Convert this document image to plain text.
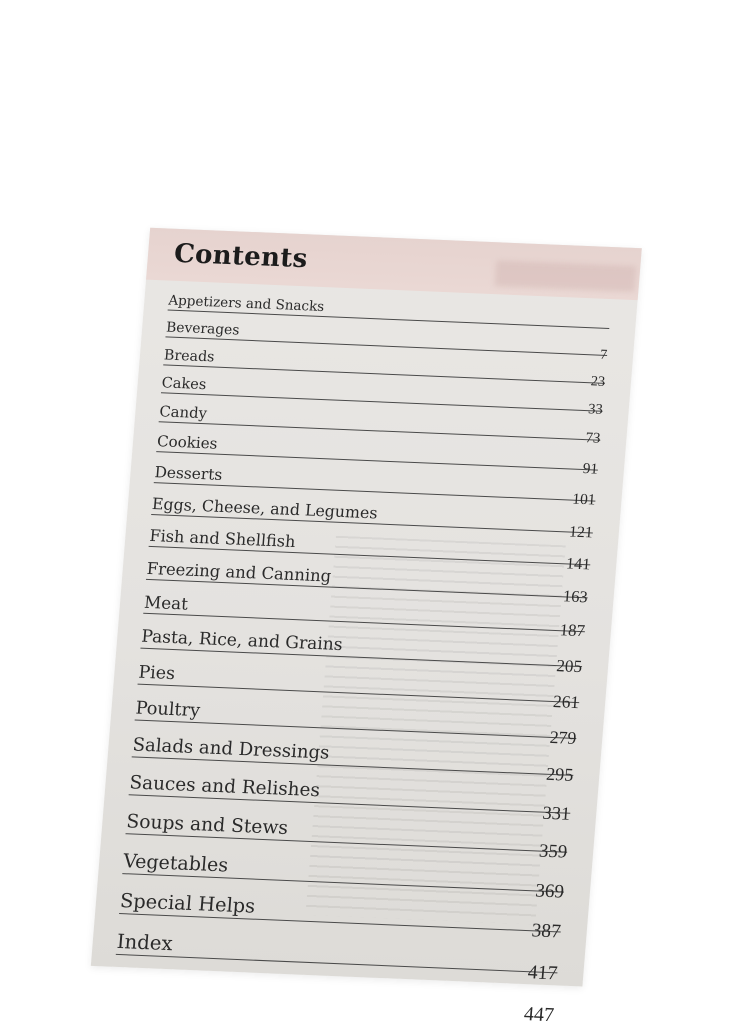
Contents
Appetizers and Snacks
Beverages
7
Breads
23
Cakes
33
Candy
73
Cookies
91
Desserts
101
Eggs, Cheese, and Legumes
121
Fish and Shellfish
141
Freezing and Canning
163
Meat
187
Pasta, Rice, and Grains
205
Pies
261
Poultry
279
Salads and Dressings
295
Sauces and Relishes
331
Soups and Stews
359
Vegetables
369
Special Helps
387
Index
417
447
